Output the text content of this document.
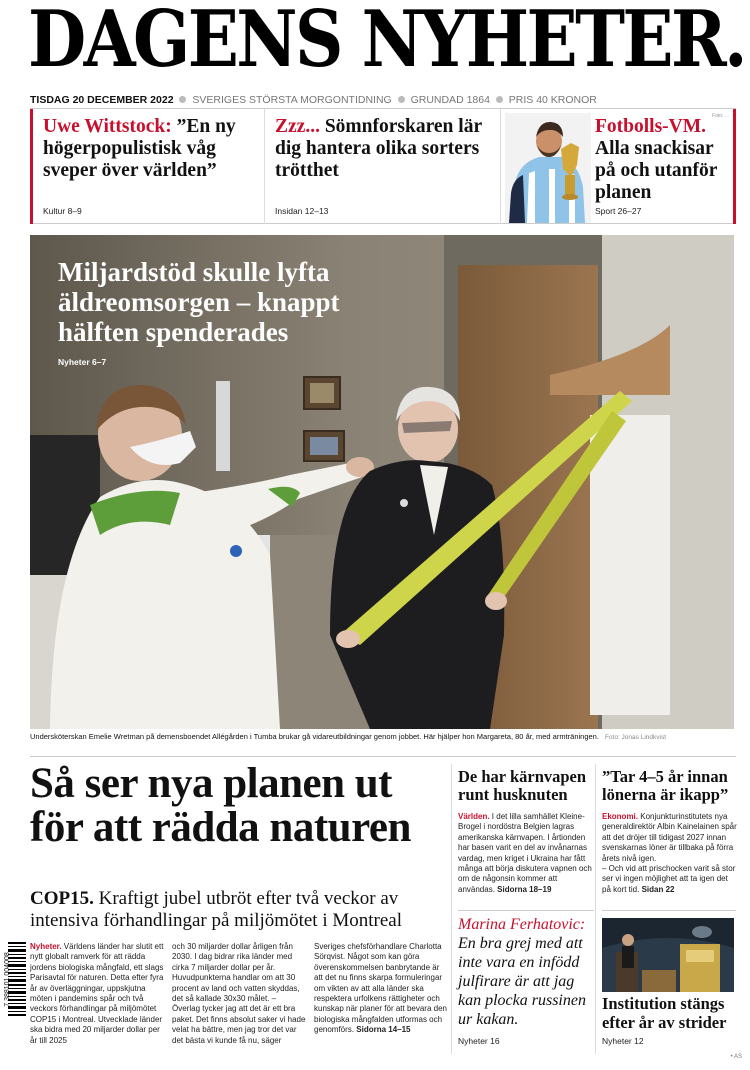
DAGENS NYHETER.
TISDAG 20 DECEMBER 2022 SVERIGES STÖRSTA MORGONTIDNING GRUNDAD 1864 PRIS 40 KRONOR
Uwe Wittstock: ”En ny högerpopulistisk våg sveper över världen”
Kultur 8–9
Zzz... Sömnforskaren lär dig hantera olika sorters trötthet
Insidan 12–13
Fotbolls-VM. Alla snackisar på och utanför planen
Sport 26–27
Foto: ...
Miljardstöd skulle lyfta äldreomsorgen – knappt hälften spenderades
Nyheter 6–7
Undersköterskan Emelie Wretman på demensboendet Allégården i Tumba brukar gå vidareutbildningar genom jobbet. Här hjälper hon Margareta, 80 år, med armträningen. Foto: Jonas Lindkvist
Så ser nya planen ut för att rädda naturen
COP15. Kraftigt jubel utbröt efter två veckor av intensiva förhandlingar på miljömötet i Montreal
Nyheter. Världens länder har slutit ett nytt globalt ramverk för att rädda jordens biologiska mångfald, ett slags Parisavtal för naturen. Detta efter fyra år av överläggningar, uppskjutna möten i pandemins spår och två veckors förhandlingar på miljömötet COP15 i Montreal. Utvecklade länder ska bidra med 20 miljarder dollar per år till 2025
och 30 miljarder dollar årligen från 2030. I dag bidrar rika länder med cirka 7 miljarder dollar per år. Huvudpunkterna handlar om att 30 procent av land och vatten skyddas, det så kallade 30x30 målet. – Överlag tycker jag att det är ett bra paket. Det finns absolut saker vi hade velat ha bättre, men jag tror det var det bästa vi kunde få nu, säger
Sveriges chefsförhandlare Charlotta Sörqvist. Något som kan göra överenskommelsen banbrytande är att det nu finns skarpa formuleringar om vikten av att alla länder ska respektera urfolkens rättigheter och kunskap när planer för att bevara den biologiska mångfalden utformas och genomförs. Sidorna 14–15
De har kärnvapen runt husknuten
Världen. I det lilla samhället Kleine-Brogel i nordöstra Belgien lagras amerikanska kärnvapen. I årtionden har basen varit en del av invånarnas vardag, men kriget i Ukraina har fått många att börja diskutera vapnen och om de någonsin kommer att användas. Sidorna 18–19
”Tar 4–5 år innan lönerna är ikapp”
Ekonomi. Konjunkturinstitutets nya generaldirektör Albin Kainelainen spår att det dröjer till tidigast 2027 innan svenskarnas löner är tillbaka på förra årets nivå igen.
– Och vid att prischocken varit så stor ser vi ingen möjlighet att ta igen det på kort tid. Sidan 22
Marina Ferhatovic:
En bra grej med att inte vara en infödd julfirare är att jag kan plocka russinen ur kakan.
Nyheter 16
Institution stängs efter år av strider
Nyheter 12
7 388101 004008
• AS
